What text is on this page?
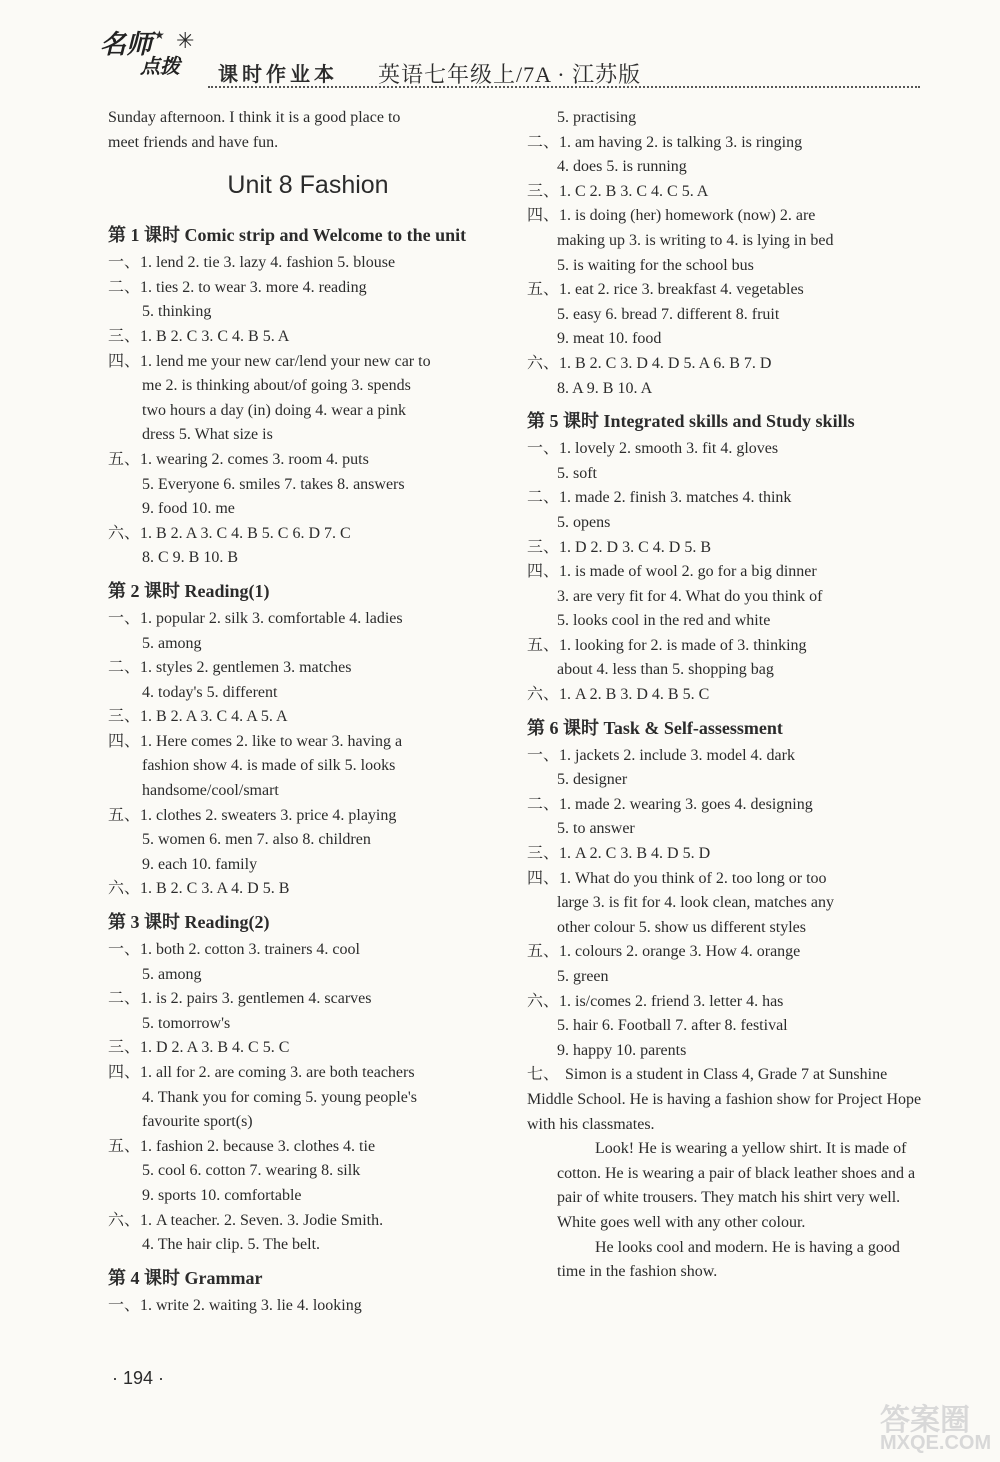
名师
点拨
★ ✳
课时作业本 英语七年级上/7A · 江苏版
Sunday afternoon. I think it is a good place to
meet friends and have fun.
Unit 8 Fashion
第 1 课时 Comic strip and Welcome to the unit
一、1. lend 2. tie 3. lazy 4. fashion 5. blouse
二、1. ties 2. to wear 3. more 4. reading
5. thinking
三、1. B 2. C 3. C 4. B 5. A
四、1. lend me your new car/lend your new car to
me 2. is thinking about/of going 3. spends
two hours a day (in) doing 4. wear a pink
dress 5. What size is
五、1. wearing 2. comes 3. room 4. puts
5. Everyone 6. smiles 7. takes 8. answers
9. food 10. me
六、1. B 2. A 3. C 4. B 5. C 6. D 7. C
8. C 9. B 10. B
第 2 课时 Reading(1)
一、1. popular 2. silk 3. comfortable 4. ladies
5. among
二、1. styles 2. gentlemen 3. matches
4. today's 5. different
三、1. B 2. A 3. C 4. A 5. A
四、1. Here comes 2. like to wear 3. having a
fashion show 4. is made of silk 5. looks
handsome/cool/smart
五、1. clothes 2. sweaters 3. price 4. playing
5. women 6. men 7. also 8. children
9. each 10. family
六、1. B 2. C 3. A 4. D 5. B
第 3 课时 Reading(2)
一、1. both 2. cotton 3. trainers 4. cool
5. among
二、1. is 2. pairs 3. gentlemen 4. scarves
5. tomorrow's
三、1. D 2. A 3. B 4. C 5. C
四、1. all for 2. are coming 3. are both teachers
4. Thank you for coming 5. young people's
favourite sport(s)
五、1. fashion 2. because 3. clothes 4. tie
5. cool 6. cotton 7. wearing 8. silk
9. sports 10. comfortable
六、1. A teacher. 2. Seven. 3. Jodie Smith.
4. The hair clip. 5. The belt.
第 4 课时 Grammar
一、1. write 2. waiting 3. lie 4. looking
5. practising
二、1. am having 2. is talking 3. is ringing
4. does 5. is running
三、1. C 2. B 3. C 4. C 5. A
四、1. is doing (her) homework (now) 2. are
making up 3. is writing to 4. is lying in bed
5. is waiting for the school bus
五、1. eat 2. rice 3. breakfast 4. vegetables
5. easy 6. bread 7. different 8. fruit
9. meat 10. food
六、1. B 2. C 3. D 4. D 5. A 6. B 7. D
8. A 9. B 10. A
第 5 课时 Integrated skills and Study skills
一、1. lovely 2. smooth 3. fit 4. gloves
5. soft
二、1. made 2. finish 3. matches 4. think
5. opens
三、1. D 2. D 3. C 4. D 5. B
四、1. is made of wool 2. go for a big dinner
3. are very fit for 4. What do you think of
5. looks cool in the red and white
五、1. looking for 2. is made of 3. thinking
about 4. less than 5. shopping bag
六、1. A 2. B 3. D 4. B 5. C
第 6 课时 Task & Self-assessment
一、1. jackets 2. include 3. model 4. dark
5. designer
二、1. made 2. wearing 3. goes 4. designing
5. to answer
三、1. A 2. C 3. B 4. D 5. D
四、1. What do you think of 2. too long or too
large 3. is fit for 4. look clean, matches any
other colour 5. show us different styles
五、1. colours 2. orange 3. How 4. orange
5. green
六、1. is/comes 2. friend 3. letter 4. has
5. hair 6. Football 7. after 8. festival
9. happy 10. parents
七、 Simon is a student in Class 4, Grade 7 at Sunshine Middle School. He is having a fashion show for Project Hope with his classmates.
Look! He is wearing a yellow shirt. It is made of cotton. He is wearing a pair of black leather shoes and a pair of white trousers. They match his shirt very well. White goes well with any other colour.
He looks cool and modern. He is having a good time in the fashion show.
· 194 ·
答案圈
MXQE.COM
